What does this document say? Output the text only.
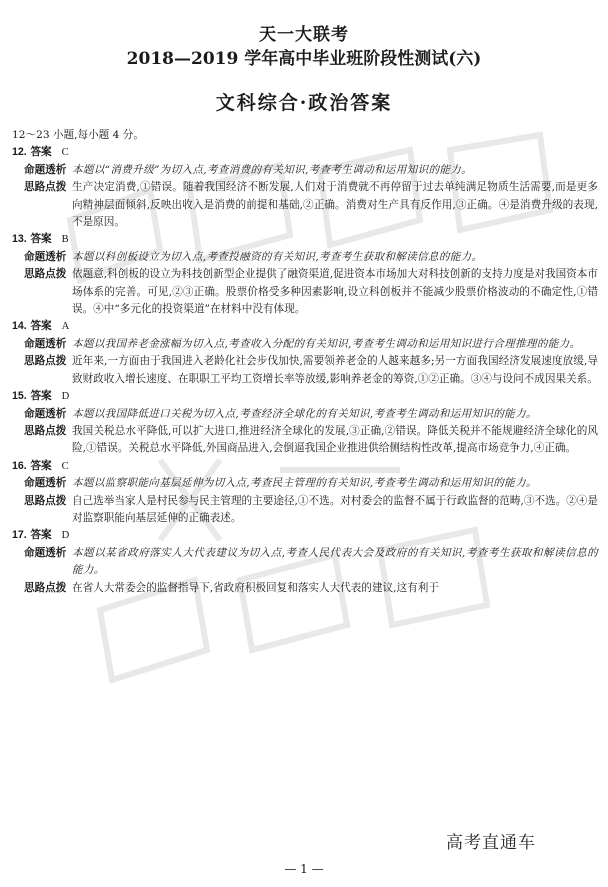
天一大联考
2018—2019 学年高中毕业班阶段性测试(六)
文科综合·政治答案

12～23 小题,每小题 4 分。

12. 答案 C

命题透析 本题以“消费升级”为切入点,考查消费的有关知识,考查考生调动和运用知识的能力。
思路点拨 生产决定消费,①错误。随着我国经济不断发展,人们对于消费就不再停留于过去单纯满足物质生活需要,而是更多向精神层面倾斜,反映出收入是消费的前提和基础,②正确。消费对生产具有反作用,③正确。④是消费升级的表现,不是原因。

13. 答案 B

命题透析 本题以科创板设立为切入点,考查投融资的有关知识,考查考生获取和解读信息的能力。
思路点拨 依题意,科创板的设立为科技创新型企业提供了融资渠道,促进资本市场加大对科技创新的支持力度是对我国资本市场体系的完善。可见,②③正确。股票价格受多种因素影响,设立科创板并不能减少股票价格波动的不确定性,①错误。④中“多元化的投资渠道”在材料中没有体现。

14. 答案 A

命题透析 本题以我国养老金涨幅为切入点,考查收入分配的有关知识,考查考生调动和运用知识进行合理推理的能力。
思路点拨 近年来,一方面由于我国进入老龄化社会步伐加快,需要领养老金的人越来越多;另一方面我国经济发展速度放缓,导致财政收入增长速度、在职职工平均工资增长率等放缓,影响养老金的筹资,①②正确。③④与设问不成因果关系。

15. 答案 D

命题透析 本题以我国降低进口关税为切入点,考查经济全球化的有关知识,考查考生调动和运用知识的能力。
思路点拨 我国关税总水平降低,可以扩大进口,推进经济全球化的发展,③正确,②错误。降低关税并不能规避经济全球化的风险,①错误。关税总水平降低,外国商品进入,会倒逼我国企业推进供给侧结构性改革,提高市场竞争力,④正确。

16. 答案 C

命题透析 本题以监察职能向基层延伸为切入点,考查民主管理的有关知识,考查考生调动和运用知识的能力。
思路点拨 自己选举当家人是村民参与民主管理的主要途径,①不选。对村委会的监督不属于行政监督的范畴,③不选。②④是对监察职能向基层延伸的正确表述。

17. 答案 D

命题透析 本题以某省政府落实人大代表建议为切入点,考查人民代表大会及政府的有关知识,考查考生获取和解读信息的能力。
思路点拨 在省人大常委会的监督指导下,省政府积极回复和落实人大代表的建议,这有利于
高考直通车
— 1 —
